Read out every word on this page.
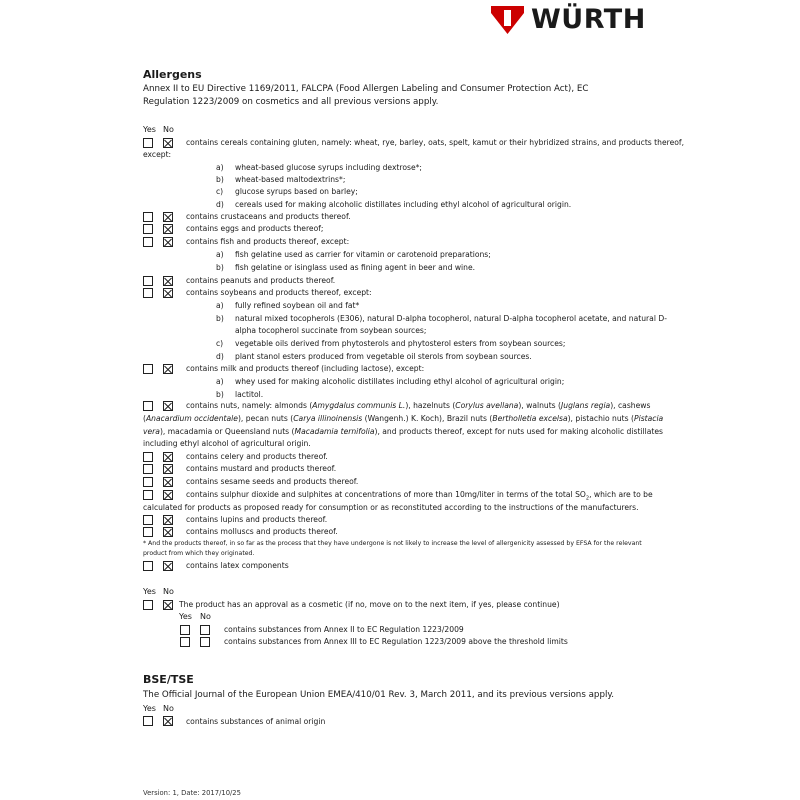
WÜRTH
Allergens
Annex II to EU Directive 1169/2011, FALCPA (Food Allergen Labeling and Consumer Protection Act), EC Regulation 1223/2009 on cosmetics and all previous versions apply.
Yes No
contains cereals containing gluten, namely: wheat, rye, barley, oats, spelt, kamut or their hybridized strains, and products thereof,
except:
a) wheat-based glucose syrups including dextrose*;
b) wheat-based maltodextrins*;
c) glucose syrups based on barley;
d) cereals used for making alcoholic distillates including ethyl alcohol of agricultural origin.
contains crustaceans and products thereof.
contains eggs and products thereof;
contains fish and products thereof, except:
a) fish gelatine used as carrier for vitamin or carotenoid preparations;
b) fish gelatine or isinglass used as fining agent in beer and wine.
contains peanuts and products thereof.
contains soybeans and products thereof, except:
a) fully refined soybean oil and fat*
b) natural mixed tocopherols (E306), natural D-alpha tocopherol, natural D-alpha tocopherol acetate, and natural D-
alpha tocopherol succinate from soybean sources;
c) vegetable oils derived from phytosterols and phytosterol esters from soybean sources;
d) plant stanol esters produced from vegetable oil sterols from soybean sources.
contains milk and products thereof (including lactose), except:
a) whey used for making alcoholic distillates including ethyl alcohol of agricultural origin;
b) lactitol.
contains nuts, namely: almonds (Amygdalus communis L.), hazelnuts (Corylus avellana), walnuts (Juglans regia), cashews
(Anacardium occidentale), pecan nuts (Carya illinoinensis (Wangenh.) K. Koch), Brazil nuts (Bertholletia excelsa), pistachio nuts (Pistacia
vera), macadamia or Queensland nuts (Macadamia ternifolia), and products thereof, except for nuts used for making alcoholic distillates
including ethyl alcohol of agricultural origin.
contains celery and products thereof.
contains mustard and products thereof.
contains sesame seeds and products thereof.
contains sulphur dioxide and sulphites at concentrations of more than 10mg/liter in terms of the total $SO_2$, which are to be
calculated for products as proposed ready for consumption or as reconstituted according to the instructions of the manufacturers.
contains lupins and products thereof.
contains molluscs and products thereof.
* And the products thereof, in so far as the process that they have undergone is not likely to increase the level of allergenicity assessed by EFSA for the relevant
product from which they originated.
contains latex components
Yes No
The product has an approval as a cosmetic (if no, move on to the next item, if yes, please continue)
Yes No
contains substances from Annex II to EC Regulation 1223/2009
contains substances from Annex III to EC Regulation 1223/2009 above the threshold limits
BSE/TSE
The Official Journal of the European Union EMEA/410/01 Rev. 3, March 2011, and its previous versions apply.
Yes No
contains substances of animal origin
Version: 1, Date: 2017/10/25
